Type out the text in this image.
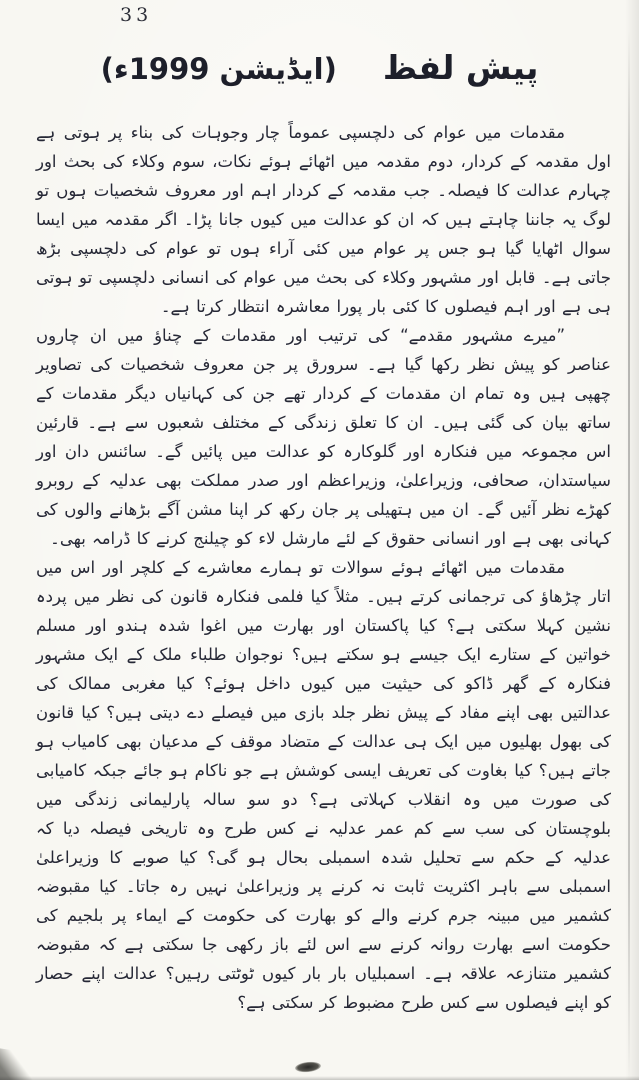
33
پیش لفظ
(ایڈیشن 1999ء)

مقدمات میں عوام کی دلچسپی عموماً چار وجوہات کی بناء پر ہوتی ہے اول مقدمہ کے کردار، دوم مقدمہ میں اٹھائے ہوئے نکات، سوم وکلاء کی بحث اور چہارم عدالت کا فیصلہ۔ جب مقدمہ کے کردار اہم اور معروف شخصیات ہوں تو لوگ یہ جاننا چاہتے ہیں کہ ان کو عدالت میں کیوں جانا پڑا۔ اگر مقدمہ میں ایسا سوال اٹھایا گیا ہو جس پر عوام میں کئی آراء ہوں تو عوام کی دلچسپی بڑھ جاتی ہے۔ قابل اور مشہور وکلاء کی بحث میں عوام کی انسانی دلچسپی تو ہوتی ہی ہے اور اہم فیصلوں کا کئی بار پورا معاشرہ انتظار کرتا ہے۔

”میرے مشہور مقدمے“ کی ترتیب اور مقدمات کے چناؤ میں ان چاروں عناصر کو پیش نظر رکھا گیا ہے۔ سرورق پر جن معروف شخصیات کی تصاویر چھپی ہیں وہ تمام ان مقدمات کے کردار تھے جن کی کہانیاں دیگر مقدمات کے ساتھ بیان کی گئی ہیں۔ ان کا تعلق زندگی کے مختلف شعبوں سے ہے۔ قارئین اس مجموعہ میں فنکارہ اور گلوکارہ کو عدالت میں پائیں گے۔ سائنس دان اور سیاستدان، صحافی، وزیراعلیٰ، وزیراعظم اور صدر مملکت بھی عدلیہ کے روبرو کھڑے نظر آئیں گے۔ ان میں ہتھیلی پر جان رکھ کر اپنا مشن آگے بڑھانے والوں کی کہانی بھی ہے اور انسانی حقوق کے لئے مارشل لاء کو چیلنج کرنے کا ڈرامہ بھی۔

مقدمات میں اٹھائے ہوئے سوالات تو ہمارے معاشرے کے کلچر اور اس میں اتار چڑھاؤ کی ترجمانی کرتے ہیں۔ مثلاً کیا فلمی فنکارہ قانون کی نظر میں پردہ نشین کہلا سکتی ہے؟ کیا پاکستان اور بھارت میں اغوا شدہ ہندو اور مسلم خواتین کے ستارے ایک جیسے ہو سکتے ہیں؟ نوجوان طلباء ملک کے ایک مشہور فنکارہ کے گھر ڈاکو کی حیثیت میں کیوں داخل ہوئے؟ کیا مغربی ممالک کی عدالتیں بھی اپنے مفاد کے پیش نظر جلد بازی میں فیصلے دے دیتی ہیں؟ کیا قانون کی بھول بھلیوں میں ایک ہی عدالت کے متضاد موقف کے مدعیان بھی کامیاب ہو جاتے ہیں؟ کیا بغاوت کی تعریف ایسی کوشش ہے جو ناکام ہو جائے جبکہ کامیابی کی صورت میں وہ انقلاب کہلاتی ہے؟ دو سو سالہ پارلیمانی زندگی میں بلوچستان کی سب سے کم عمر عدلیہ نے کس طرح وہ تاریخی فیصلہ دیا کہ عدلیہ کے حکم سے تحلیل شدہ اسمبلی بحال ہو گی؟ کیا صوبے کا وزیراعلیٰ اسمبلی سے باہر اکثریت ثابت نہ کرنے پر وزیراعلیٰ نہیں رہ جاتا۔ کیا مقبوضہ کشمیر میں مبینہ جرم کرنے والے کو بھارت کی حکومت کے ایماء پر بلجیم کی حکومت اسے بھارت روانہ کرنے سے اس لئے باز رکھی جا سکتی ہے کہ مقبوضہ کشمیر متنازعہ علاقہ ہے۔ اسمبلیاں بار بار کیوں ٹوٹتی رہیں؟ عدالت اپنے حصار کو اپنے فیصلوں سے کس طرح مضبوط کر سکتی ہے؟
